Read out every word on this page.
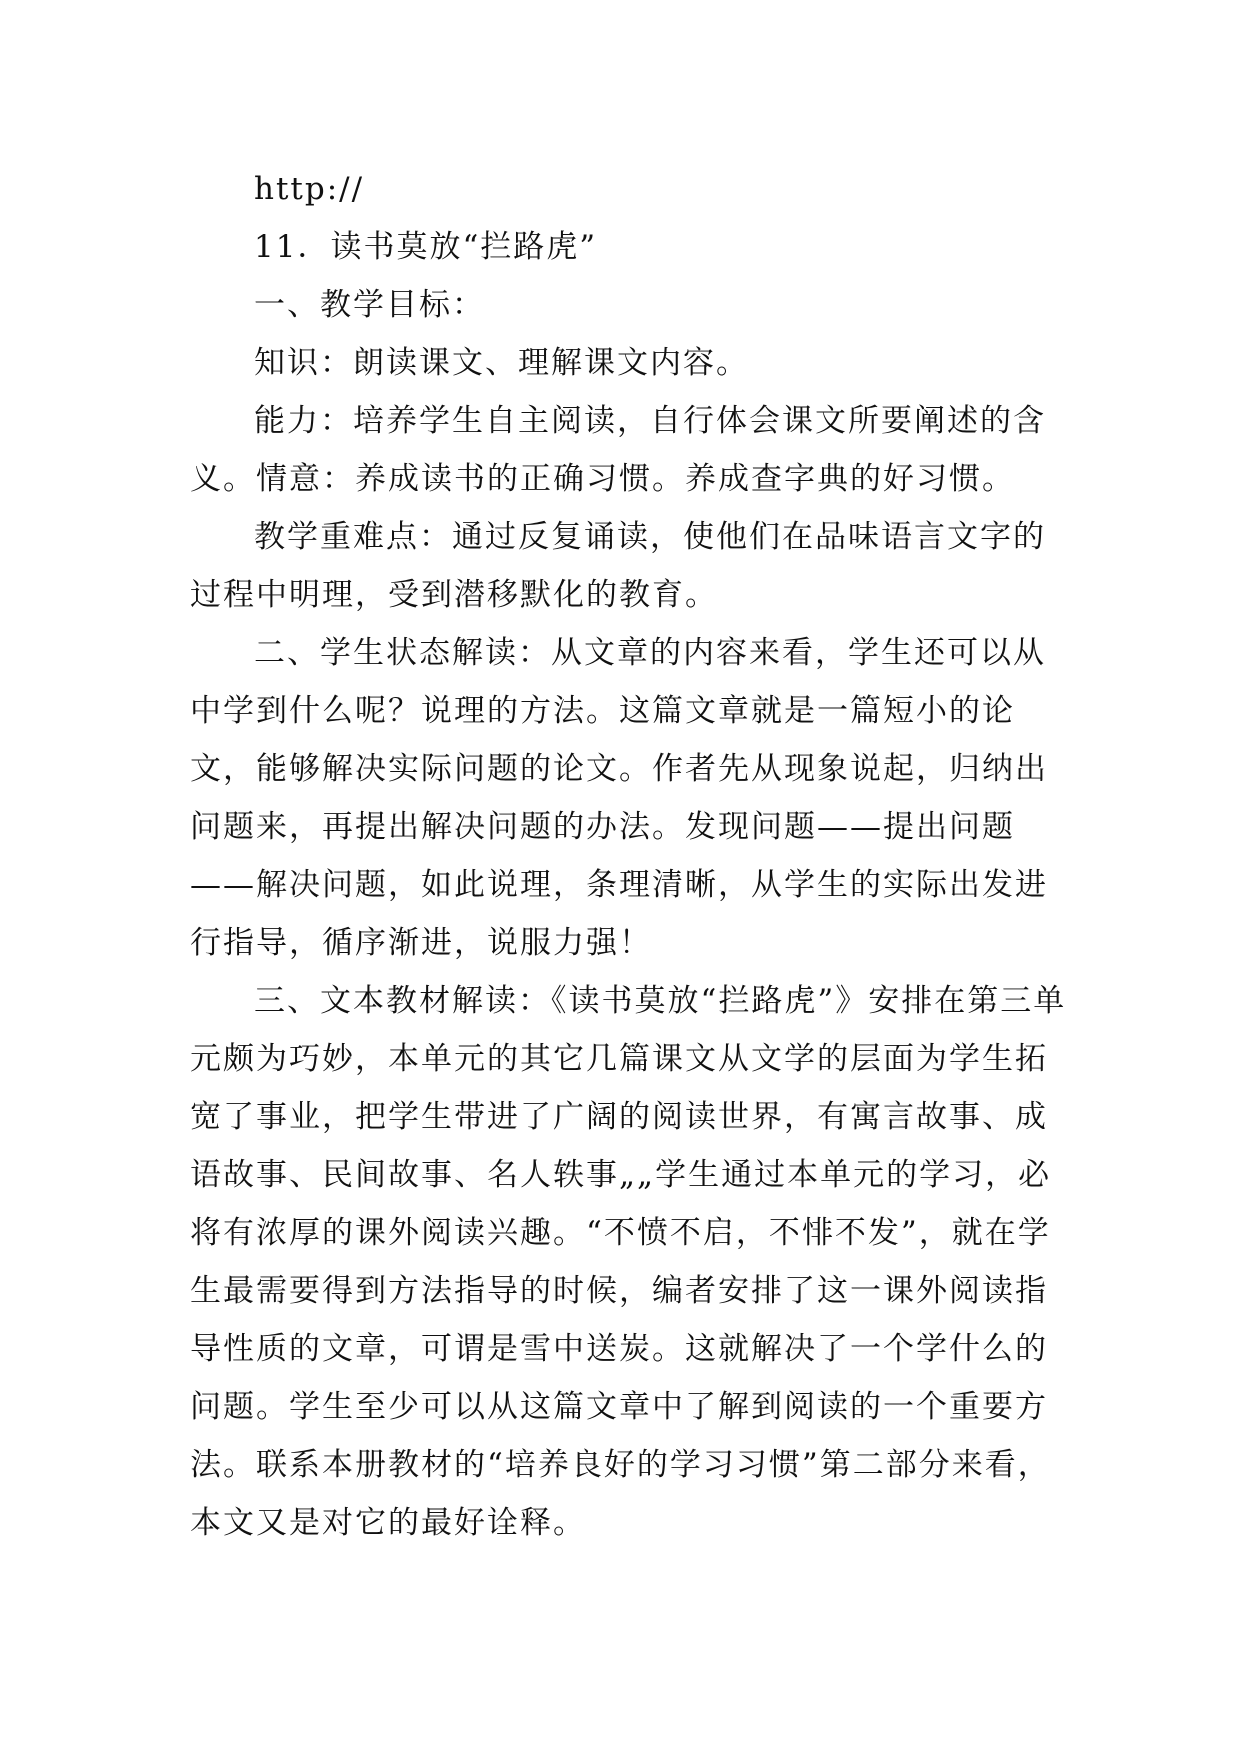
http://

11．读书莫放“拦路虎”

一、教学目标：

知识：朗读课文、理解课文内容。

能力：培养学生自主阅读，自行体会课文所要阐述的含义。情意：养成读书的正确习惯。养成查字典的好习惯。

教学重难点：通过反复诵读，使他们在品味语言文字的过程中明理，受到潜移默化的教育。

二、学生状态解读：从文章的内容来看，学生还可以从中学到什么呢？说理的方法。这篇文章就是一篇短小的论文，能够解决实际问题的论文。作者先从现象说起，归纳出问题来，再提出解决问题的办法。发现问题——提出问题——解决问题，如此说理，条理清晰，从学生的实际出发进行指导，循序渐进，说服力强！

三、文本教材解读：《读书莫放“拦路虎”》安排在第三单元颇为巧妙，本单元的其它几篇课文从文学的层面为学生拓宽了事业，把学生带进了广阔的阅读世界，有寓言故事、成语故事、民间故事、名人轶事„„学生通过本单元的学习，必将有浓厚的课外阅读兴趣。“不愤不启，不悱不发”，就在学生最需要得到方法指导的时候，编者安排了这一课外阅读指导性质的文章，可谓是雪中送炭。这就解决了一个学什么的问题。学生至少可以从这篇文章中了解到阅读的一个重要方法。联系本册教材的“培养良好的学习习惯”第二部分来看，本文又是对它的最好诠释。
